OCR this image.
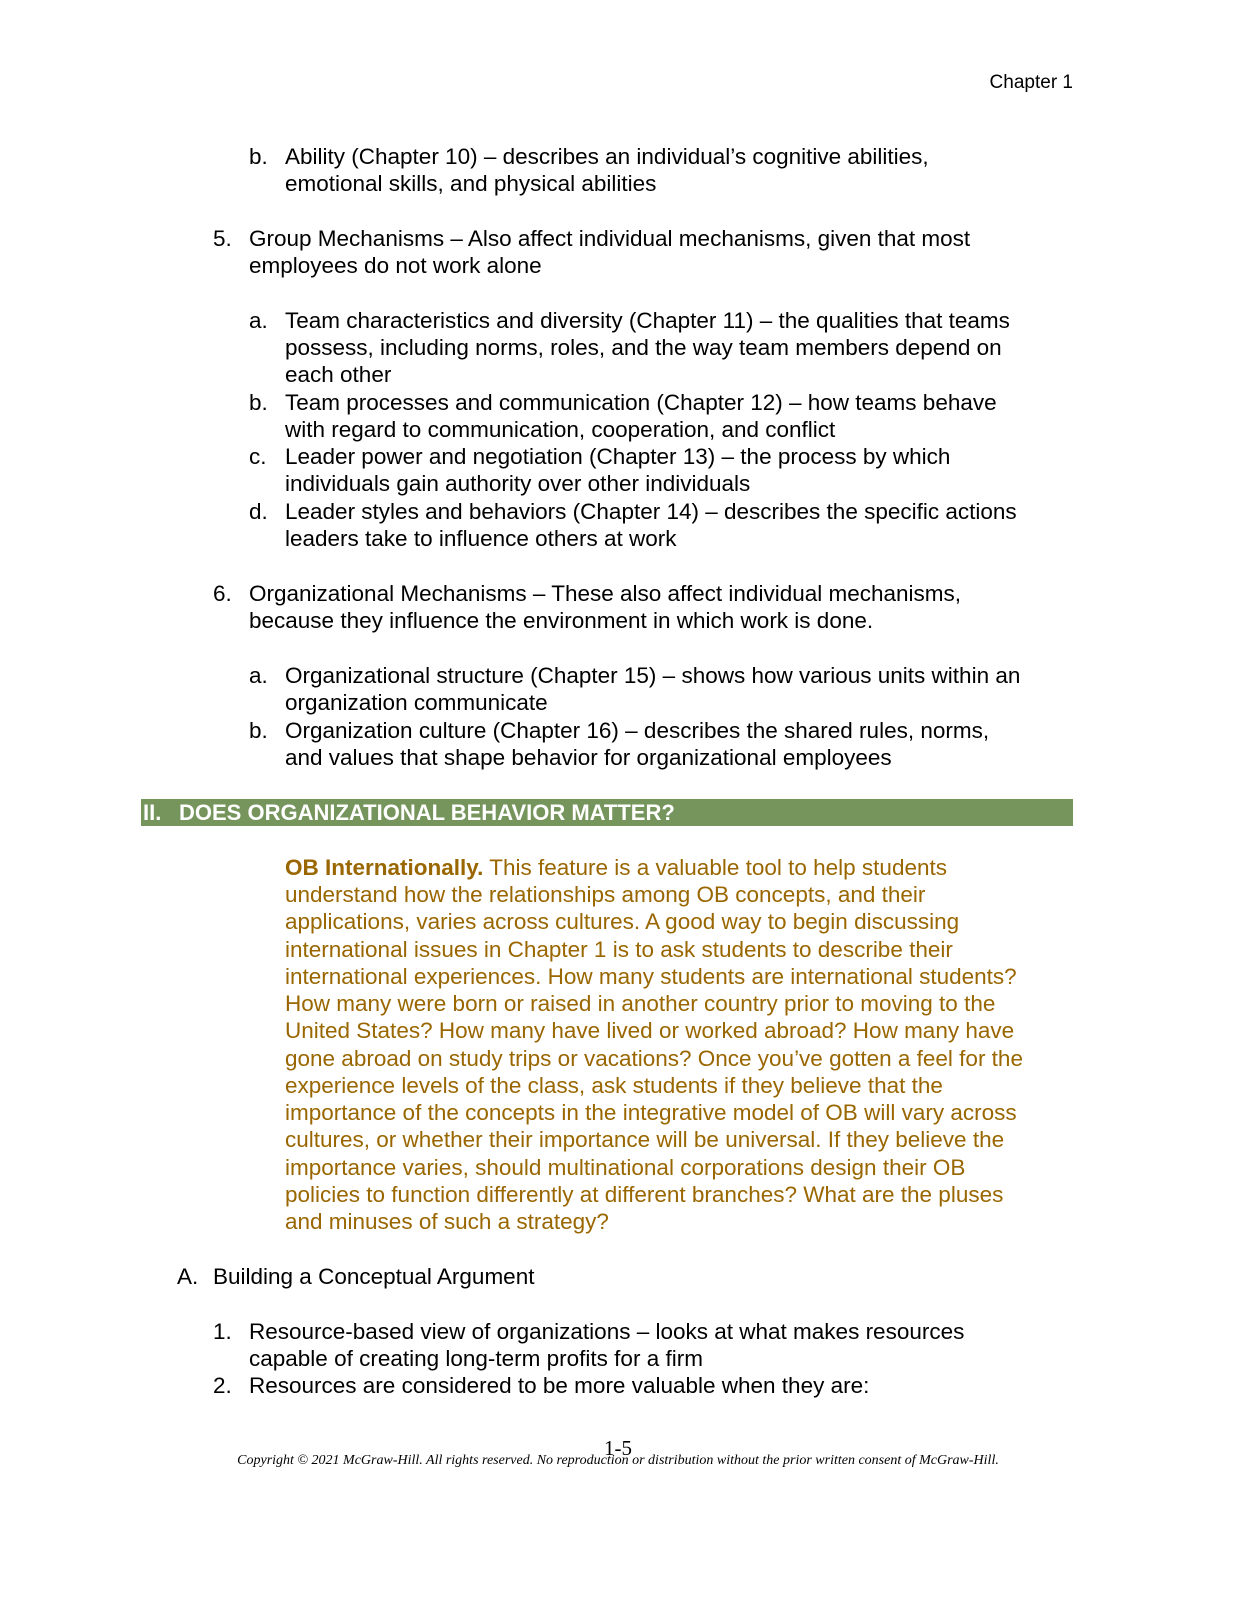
Chapter 1
b. Ability (Chapter 10) – describes an individual’s cognitive abilities,
emotional skills, and physical abilities
5. Group Mechanisms – Also affect individual mechanisms, given that most
employees do not work alone
a. Team characteristics and diversity (Chapter 11) – the qualities that teams
possess, including norms, roles, and the way team members depend on
each other
b. Team processes and communication (Chapter 12) – how teams behave
with regard to communication, cooperation, and conflict
c. Leader power and negotiation (Chapter 13) – the process by which
individuals gain authority over other individuals
d. Leader styles and behaviors (Chapter 14) – describes the specific actions
leaders take to influence others at work
6. Organizational Mechanisms – These also affect individual mechanisms,
because they influence the environment in which work is done.
a. Organizational structure (Chapter 15) – shows how various units within an
organization communicate
b. Organization culture (Chapter 16) – describes the shared rules, norms,
and values that shape behavior for organizational employees
II. DOES ORGANIZATIONAL BEHAVIOR MATTER?
OB Internationally. This feature is a valuable tool to help students
understand how the relationships among OB concepts, and their
applications, varies across cultures. A good way to begin discussing
international issues in Chapter 1 is to ask students to describe their
international experiences. How many students are international students?
How many were born or raised in another country prior to moving to the
United States? How many have lived or worked abroad? How many have
gone abroad on study trips or vacations? Once you’ve gotten a feel for the
experience levels of the class, ask students if they believe that the
importance of the concepts in the integrative model of OB will vary across
cultures, or whether their importance will be universal. If they believe the
importance varies, should multinational corporations design their OB
policies to function differently at different branches? What are the pluses
and minuses of such a strategy?
A. Building a Conceptual Argument
1. Resource-based view of organizations – looks at what makes resources
capable of creating long-term profits for a firm
2. Resources are considered to be more valuable when they are:
1-5
Copyright © 2021 McGraw-Hill. All rights reserved. No reproduction or distribution without the prior written consent of McGraw-Hill.
